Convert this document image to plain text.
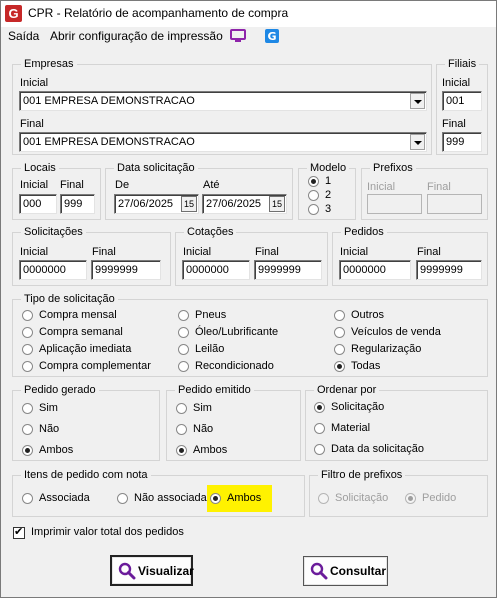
G CPR - Relatório de acompanhamento de compra
Saída Abrir configuração de impressão	G
Empresas
Inicial
001 EMPRESA DEMONSTRACAO
Final
001 EMPRESA DEMONSTRACAO
Filiais
Inicial
001
Final
999
Locais
Inicial
000
Final
999
Data solicitação
De
27/06/2025	15
Até
27/06/2025	15
Modelo
1
2
3
Prefixos
Inicial	Final
Solicitações
Inicial
0000000
Final
9999999
Cotações
Inicial
0000000
Final
9999999
Pedidos
Inicial
0000000
Final
9999999
Tipo de solicitação
Compra mensal
Compra semanal
Aplicação imediata
Compra complementar
Pneus
Óleo/Lubrificante
Leilão
Recondicionado
Outros
Veículos de venda
Regularização
Todas
Pedido gerado
Sim
Não
Ambos
Pedido emitido
Sim
Não
Ambos
Ordenar por
Solicitação
Material
Data da solicitação
Itens de pedido com nota
Associada	Não associada Ambos
Filtro de prefixos
Solicitação	Pedido
✔
Imprimir valor total dos pedidos
Visualizar	Consultar
